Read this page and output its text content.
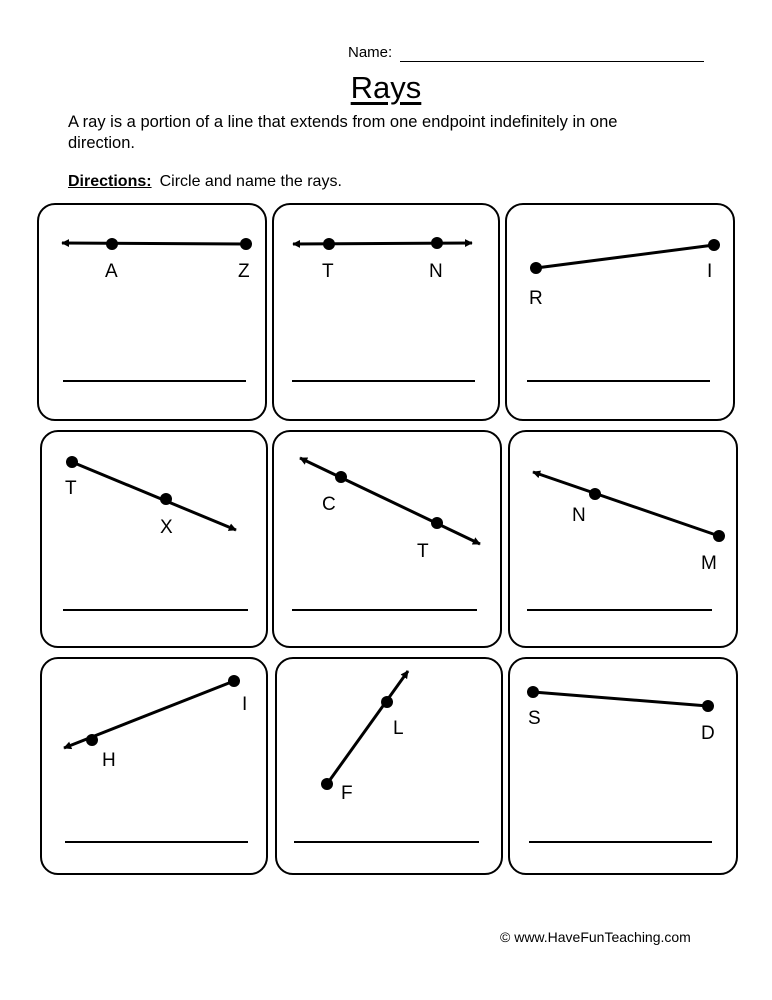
Name:
Rays
A ray is a portion of a line that extends from one endpoint indefinitely in one direction.
Directions: Circle and name the rays.
A	Z	T	N
R
I
T
X
C
T
N
M
I
H
L
F
S
D
© www.HaveFunTeaching.com
